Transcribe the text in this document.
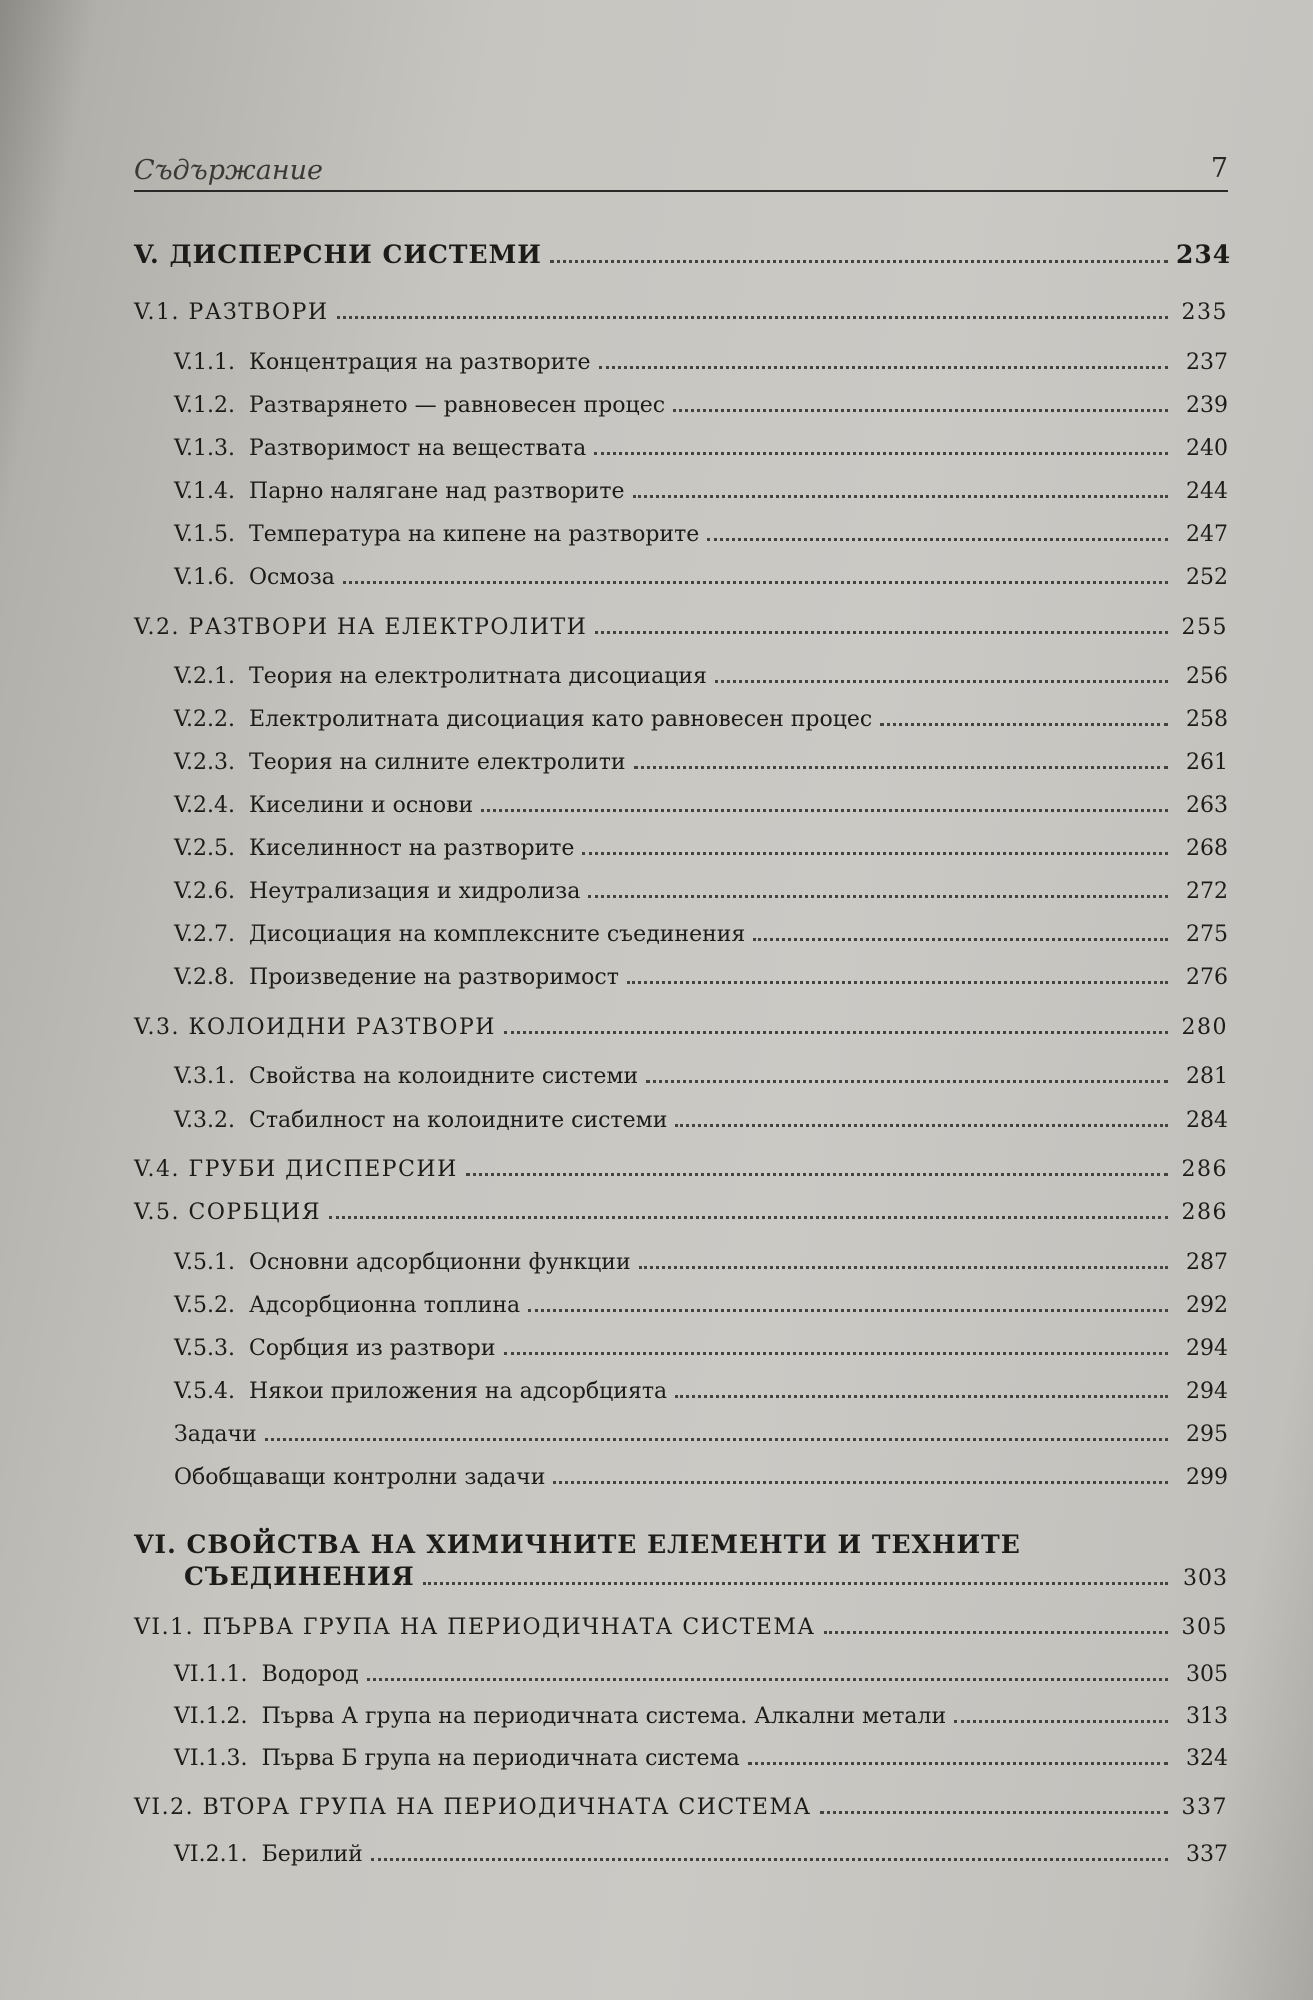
Съдържание	7
V. ДИСПЕРСНИ СИСТЕМИ	234
V.1. РАЗТВОРИ	235
V.1.1. Концентрация на разтворите	237
V.1.2. Разтварянето — равновесен процес	239
V.1.3. Разтворимост на веществата	240
V.1.4. Парно налягане над разтворите	244
V.1.5. Температура на кипене на разтворите	247
V.1.6. Осмоза	252
V.2. РАЗТВОРИ НА ЕЛЕКТРОЛИТИ	255
V.2.1. Теория на електролитната дисоциация	256
V.2.2. Електролитната дисоциация като равновесен процес	258
V.2.3. Теория на силните електролити	261
V.2.4. Киселини и основи	263
V.2.5. Киселинност на разтворите	268
V.2.6. Неутрализация и хидролиза	272
V.2.7. Дисоциация на комплексните съединения	275
V.2.8. Произведение на разтворимост	276
V.3. КОЛОИДНИ РАЗТВОРИ	280
V.3.1. Свойства на колоидните системи	281
V.3.2. Стабилност на колоидните системи	284
V.4. ГРУБИ ДИСПЕРСИИ	286
V.5. СОРБЦИЯ	286
V.5.1. Основни адсорбционни функции	287
V.5.2. Адсорбционна топлина	292
V.5.3. Сорбция из разтвори	294
V.5.4. Някои приложения на адсорбцията	294
Задачи	295
Обобщаващи контролни задачи	299
VI. СВОЙСТВА НА ХИМИЧНИТЕ ЕЛЕМЕНТИ И ТЕХНИТЕ
СЪЕДИНЕНИЯ	303
VI.1. ПЪРВА ГРУПА НА ПЕРИОДИЧНАТА СИСТЕМА	305
VI.1.1. Водород	305
VI.1.2. Първа А група на периодичната система. Алкални метали	313
VI.1.3. Първа Б група на периодичната система	324
VI.2. ВТОРА ГРУПА НА ПЕРИОДИЧНАТА СИСТЕМА	337
VI.2.1. Берилий	337
